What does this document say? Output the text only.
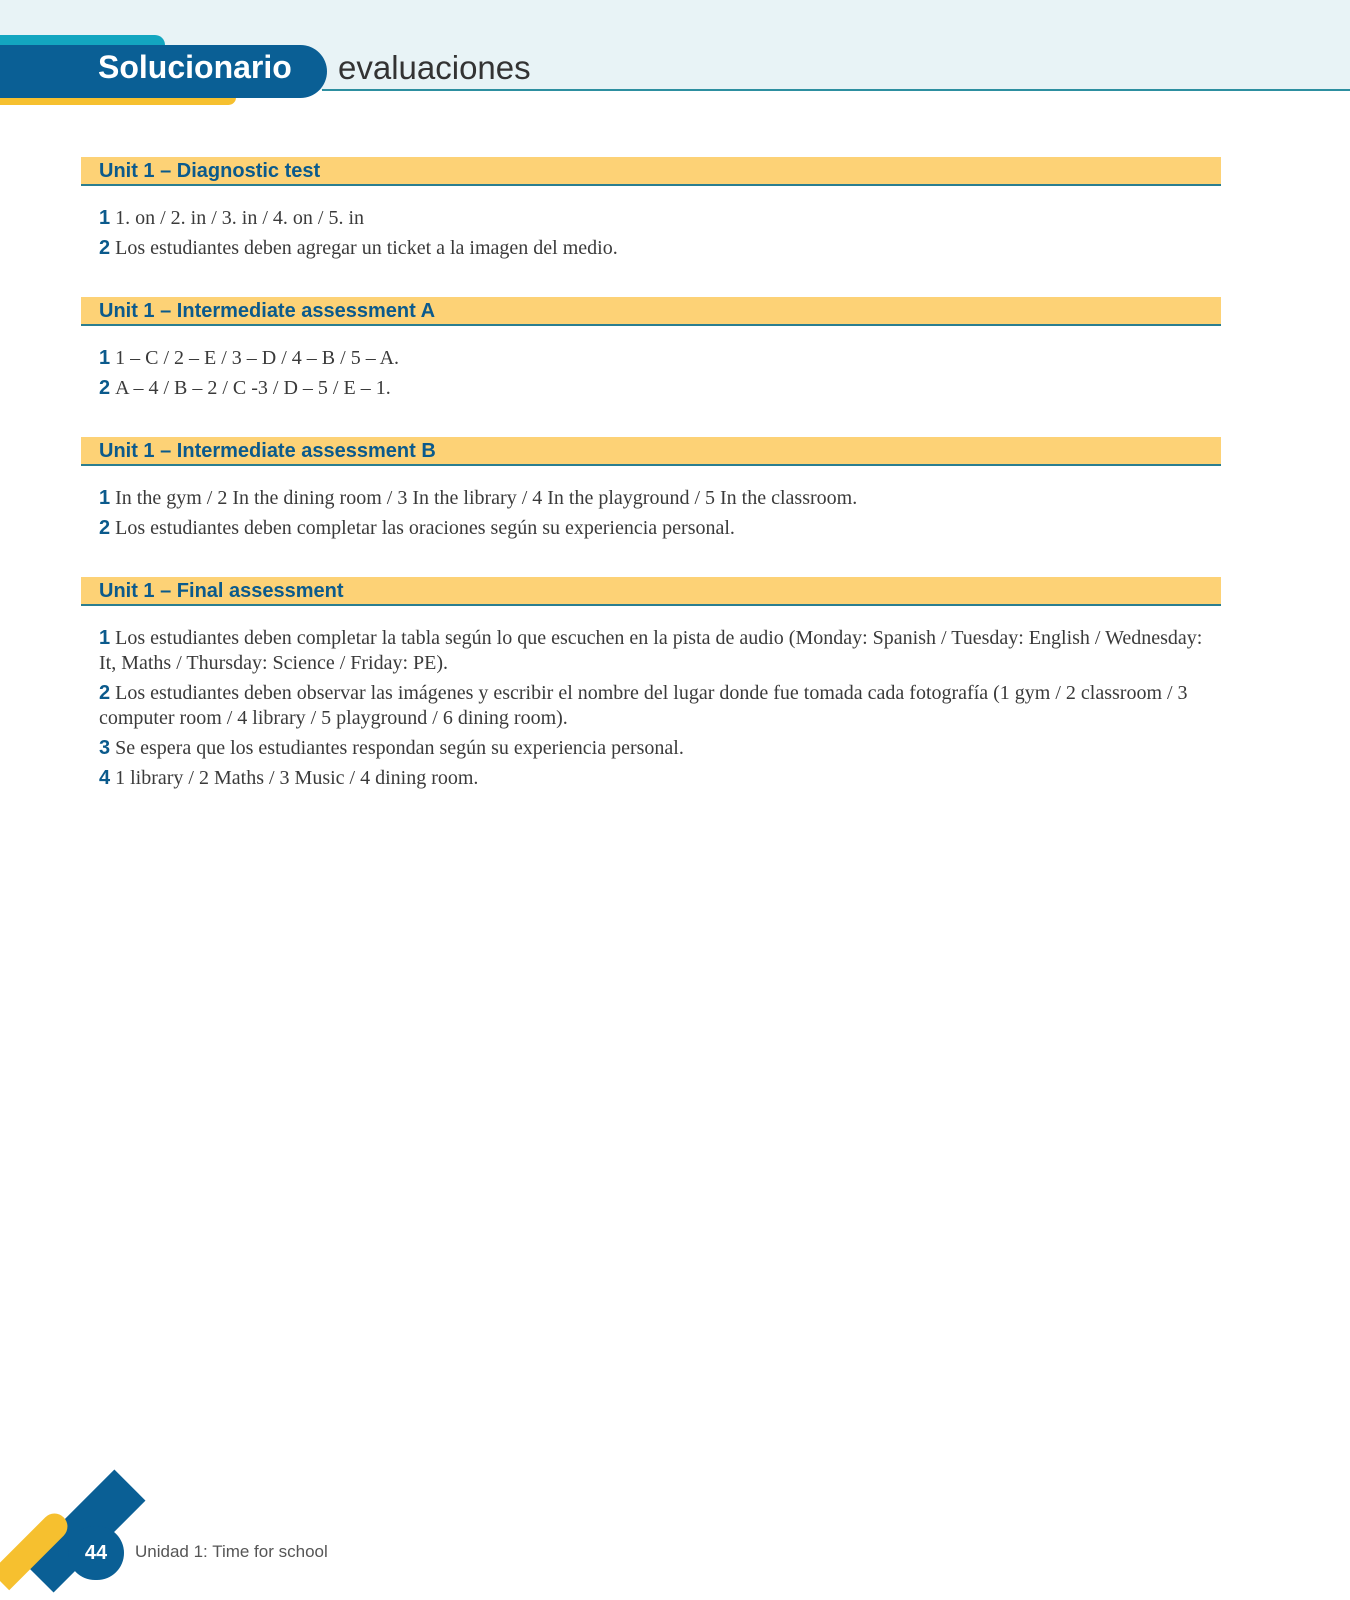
Solucionario evaluaciones
Unit 1 – Diagnostic test
1 1. on / 2. in / 3. in / 4. on / 5. in
2 Los estudiantes deben agregar un ticket a la imagen del medio.
Unit 1 – Intermediate assessment A
1 1 – C / 2 – E / 3 – D / 4 – B / 5 – A.
2 A – 4 / B – 2 / C -3 / D – 5 / E – 1.
Unit 1 – Intermediate assessment B
1 In the gym / 2 In the dining room / 3 In the library / 4 In the playground / 5 In the classroom.
2 Los estudiantes deben completar las oraciones según su experiencia personal.
Unit 1 – Final assessment
1 Los estudiantes deben completar la tabla según lo que escuchen en la pista de audio (Monday: Spanish / Tuesday: English / Wednesday: It, Maths / Thursday: Science / Friday: PE).
2 Los estudiantes deben observar las imágenes y escribir el nombre del lugar donde fue tomada cada fotografía (1 gym / 2 classroom / 3 computer room / 4 library / 5 playground / 6 dining room).
3 Se espera que los estudiantes respondan según su experiencia personal.
4 1 library / 2 Maths / 3 Music / 4 dining room.
44	Unidad 1: Time for school
